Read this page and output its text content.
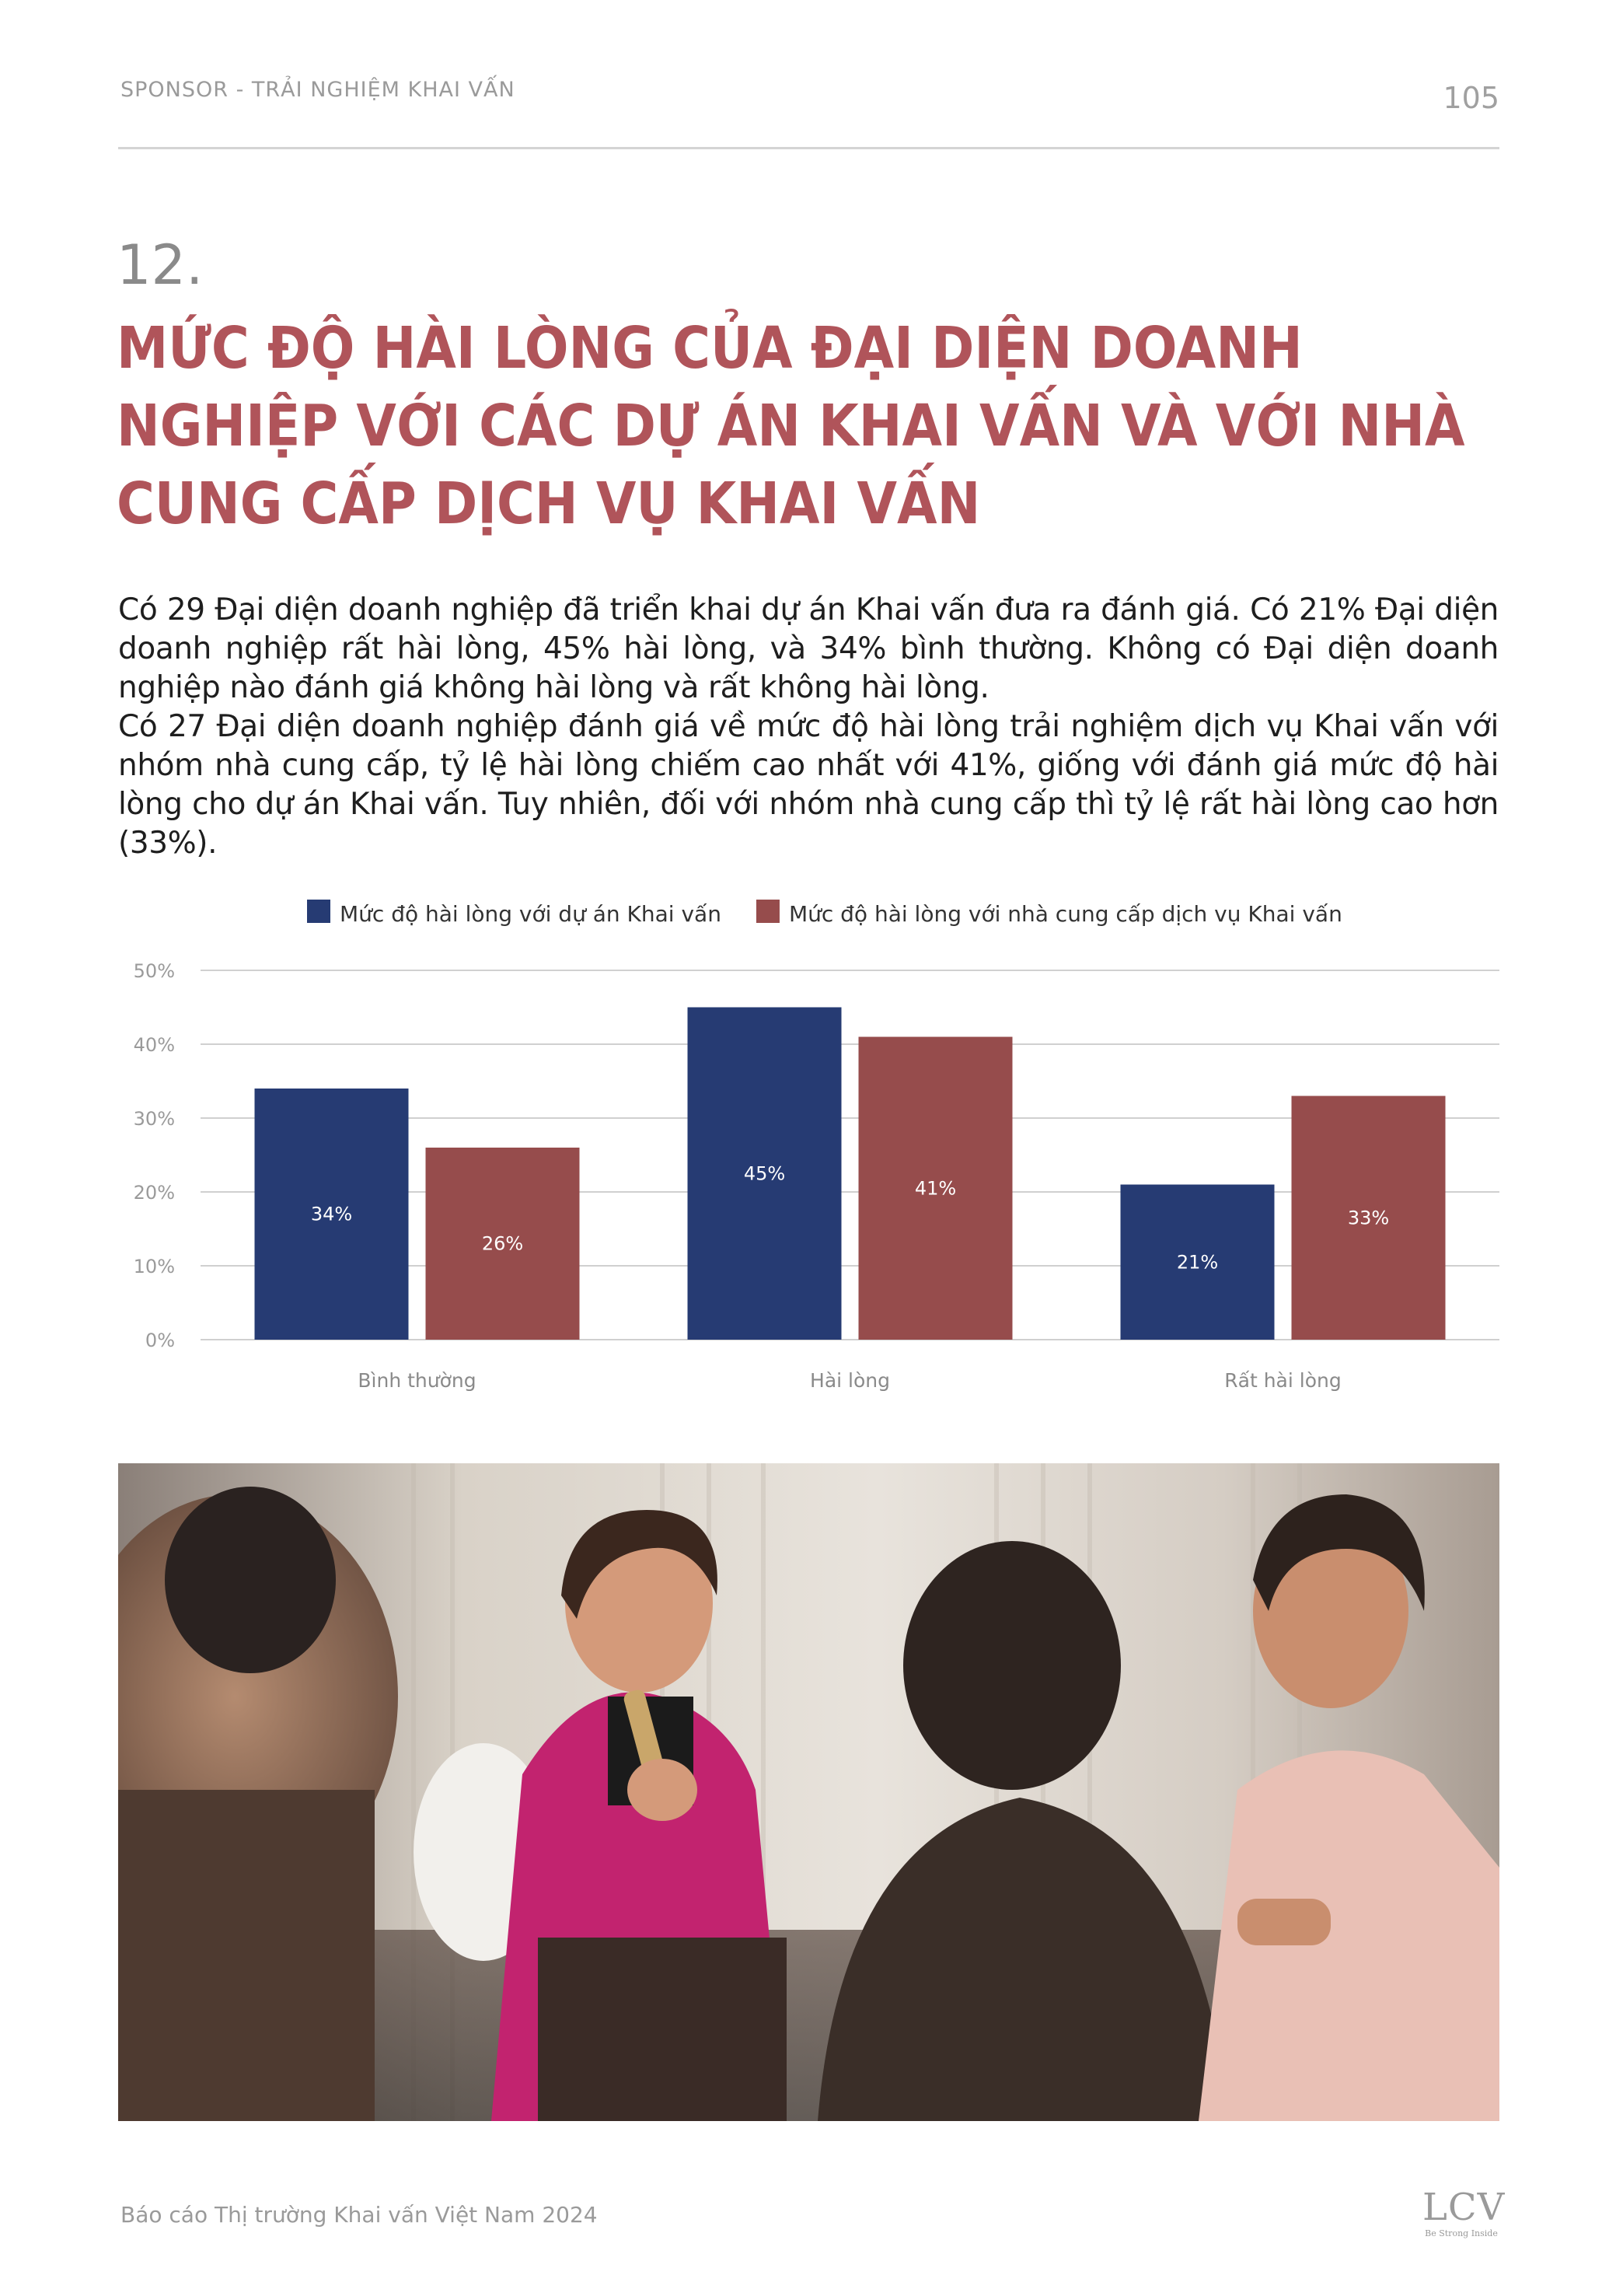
SPONSOR - TRẢI NGHIỆM KHAI VẤN	105
12.
MỨC ĐỘ HÀI LÒNG CỦA ĐẠI DIỆN DOANH
NGHIỆP VỚI CÁC DỰ ÁN KHAI VẤN VÀ VỚI NHÀ
CUNG CẤP DỊCH VỤ KHAI VẤN

Có 29 Đại diện doanh nghiệp đã triển khai dự án Khai vấn đưa ra đánh giá. Có 21% Đại diện doanh nghiệp rất hài lòng, 45% hài lòng, và 34% bình thường. Không có Đại diện doanh nghiệp nào đánh giá không hài lòng và rất không hài lòng.

Có 27 Đại diện doanh nghiệp đánh giá về mức độ hài lòng trải nghiệm dịch vụ Khai vấn với nhóm nhà cung cấp, tỷ lệ hài lòng chiếm cao nhất với 41%, giống với đánh giá mức độ hài lòng cho dự án Khai vấn. Tuy nhiên, đối với nhóm nhà cung cấp thì tỷ lệ rất hài lòng cao hơn (33%).

0%
10%
20%
30%
40%
50%
34%
26%
Bình thường
45%
41%
Hài lòng
21%
33%
Rất hài lòng
Mức độ hài lòng với dự án Khai vấn	Mức độ hài lòng với nhà cung cấp dịch vụ Khai vấn
Báo cáo Thị trường Khai vấn Việt Nam 2024	LCV
Be Strong Inside
